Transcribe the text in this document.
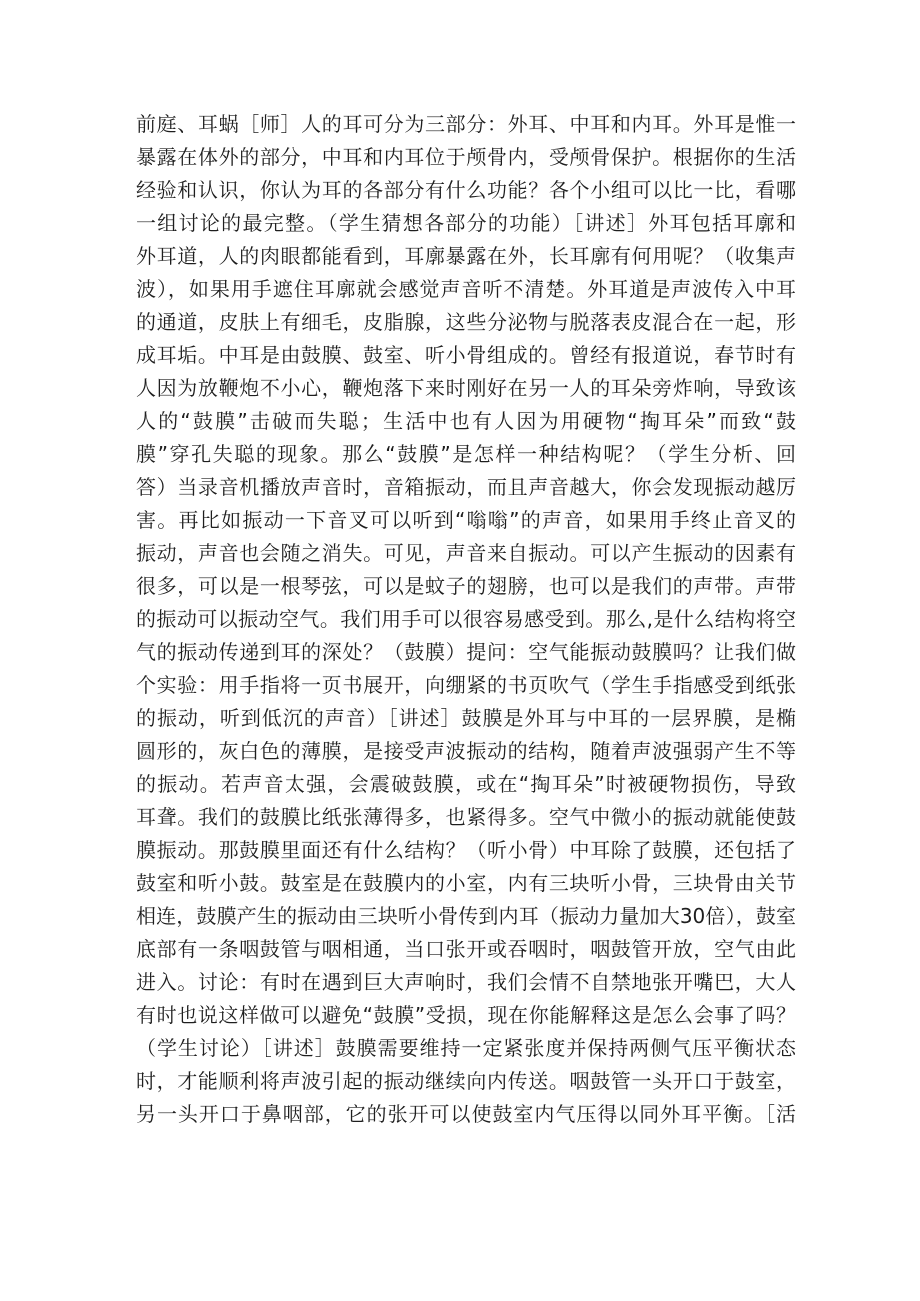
前庭、耳蜗［师］人的耳可分为三部分：外耳、中耳和内耳。外耳是惟一
暴露在体外的部分，中耳和内耳位于颅骨内，受颅骨保护。根据你的生活
经验和认识，你认为耳的各部分有什么功能？各个小组可以比一比，看哪
一组讨论的最完整。（学生猜想各部分的功能）［讲述］外耳包括耳廓和
外耳道，人的肉眼都能看到，耳廓暴露在外，长耳廓有何用呢？（收集声
波），如果用手遮住耳廓就会感觉声音听不清楚。外耳道是声波传入中耳
的通道，皮肤上有细毛，皮脂腺，这些分泌物与脱落表皮混合在一起，形
成耳垢。中耳是由鼓膜、鼓室、听小骨组成的。曾经有报道说，春节时有
人因为放鞭炮不小心，鞭炮落下来时刚好在另一人的耳朵旁炸响，导致该
人的“鼓膜”击破而失聪；生活中也有人因为用硬物“掏耳朵”而致“鼓
膜”穿孔失聪的现象。那么“鼓膜”是怎样一种结构呢？（学生分析、回
答）当录音机播放声音时，音箱振动，而且声音越大，你会发现振动越厉
害。再比如振动一下音叉可以听到“嗡嗡”的声音，如果用手终止音叉的
振动，声音也会随之消失。可见，声音来自振动。可以产生振动的因素有
很多，可以是一根琴弦，可以是蚊子的翅膀，也可以是我们的声带。声带
的振动可以振动空气。我们用手可以很容易感受到。那么,是什么结构将空
气的振动传递到耳的深处？（鼓膜）提问：空气能振动鼓膜吗？让我们做
个实验：用手指将一页书展开，向绷紧的书页吹气（学生手指感受到纸张
的振动，听到低沉的声音）［讲述］鼓膜是外耳与中耳的一层界膜，是椭
圆形的，灰白色的薄膜，是接受声波振动的结构，随着声波强弱产生不等
的振动。若声音太强，会震破鼓膜，或在“掏耳朵”时被硬物损伤，导致
耳聋。我们的鼓膜比纸张薄得多，也紧得多。空气中微小的振动就能使鼓
膜振动。那鼓膜里面还有什么结构？（听小骨）中耳除了鼓膜，还包括了
鼓室和听小鼓。鼓室是在鼓膜内的小室，内有三块听小骨，三块骨由关节
相连，鼓膜产生的振动由三块听小骨传到内耳（振动力量加大30倍），鼓室
底部有一条咽鼓管与咽相通，当口张开或吞咽时，咽鼓管开放，空气由此
进入。讨论：有时在遇到巨大声响时，我们会情不自禁地张开嘴巴，大人
有时也说这样做可以避免“鼓膜”受损，现在你能解释这是怎么会事了吗？
（学生讨论）［讲述］鼓膜需要维持一定紧张度并保持两侧气压平衡状态
时，才能顺利将声波引起的振动继续向内传送。咽鼓管一头开口于鼓室，
另一头开口于鼻咽部，它的张开可以使鼓室内气压得以同外耳平衡。［活
